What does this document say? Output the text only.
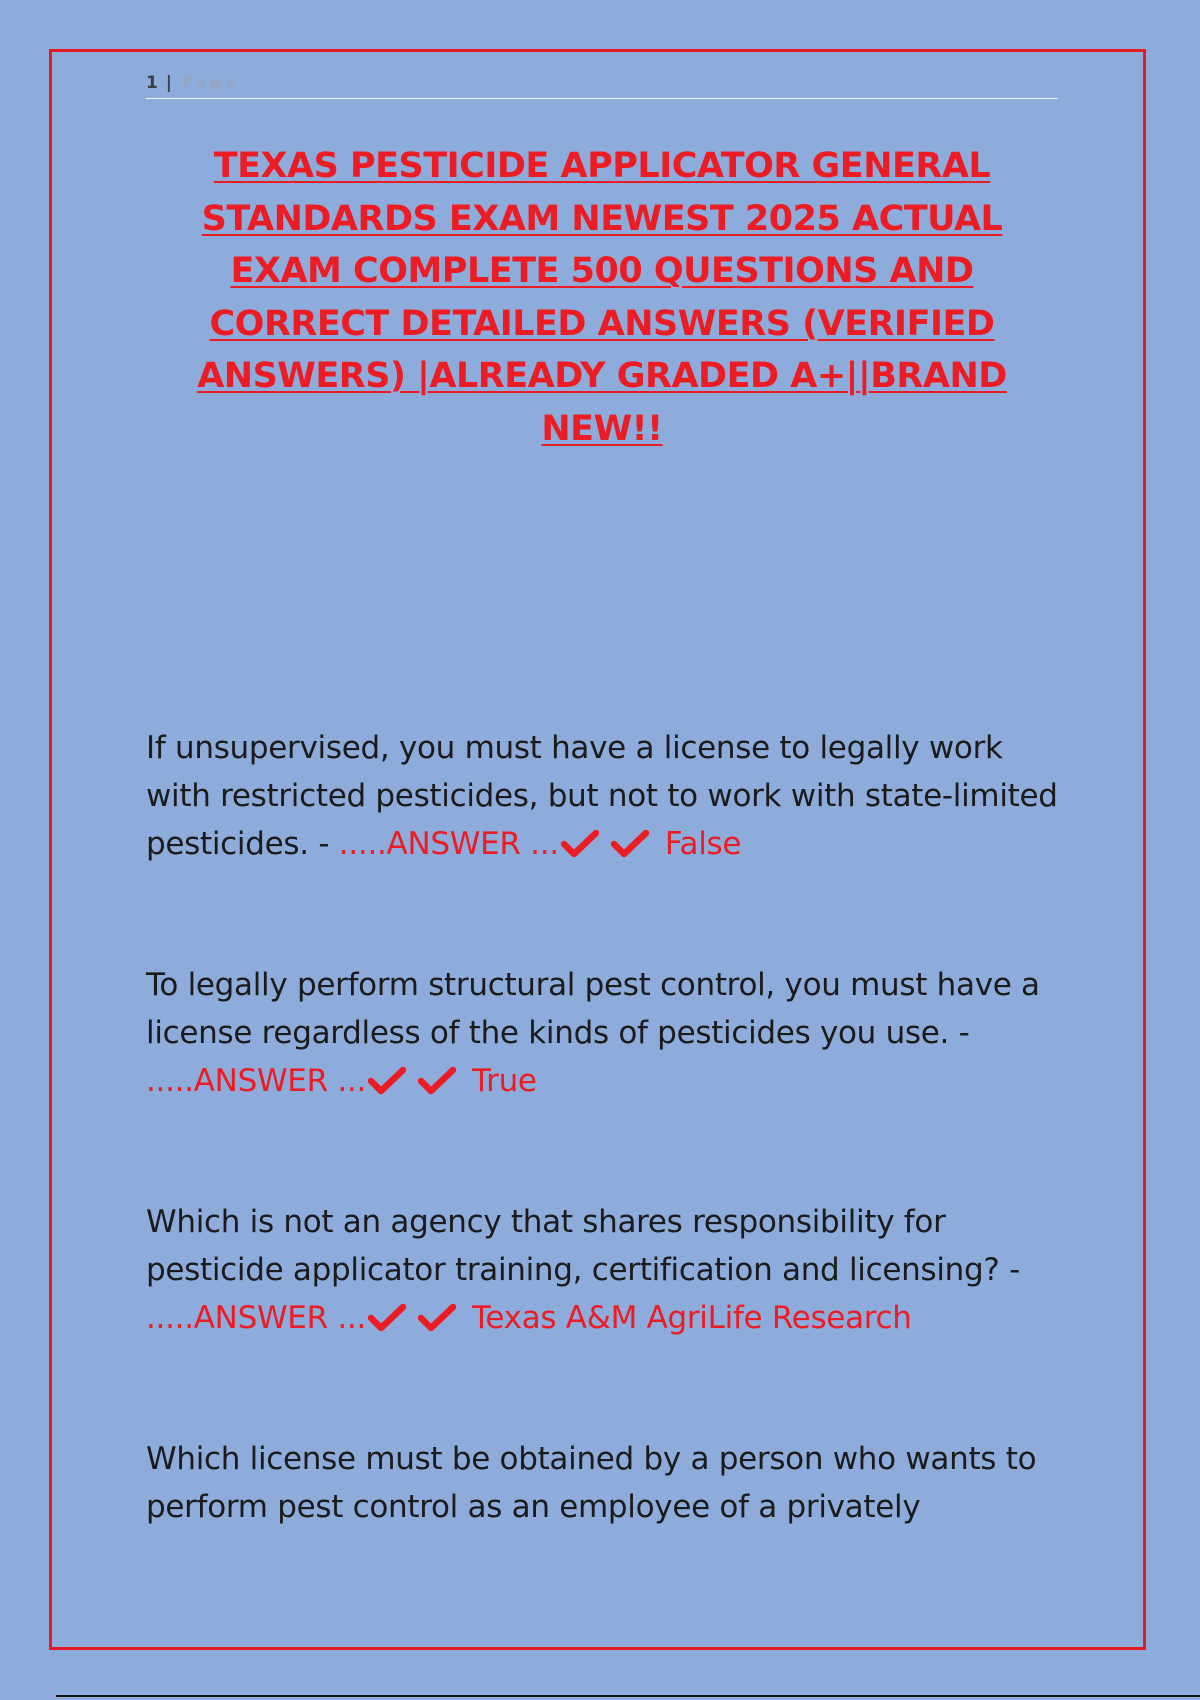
1 | Page
TEXAS PESTICIDE APPLICATOR GENERAL STANDARDS EXAM NEWEST 2025 ACTUAL EXAM COMPLETE 500 QUESTIONS AND CORRECT DETAILED ANSWERS (VERIFIED ANSWERS) |ALREADY GRADED A+||BRAND NEW!!
If unsupervised, you must have a license to legally work with restricted pesticides, but not to work with state-limited pesticides. - .....ANSWER ...	False
To legally perform structural pest control, you must have a license regardless of the kinds of pesticides you use. - .....ANSWER ...	True
Which is not an agency that shares responsibility for pesticide applicator training, certification and licensing? - .....ANSWER ...	Texas A&M AgriLife Research
Which license must be obtained by a person who wants to perform pest control as an employee of a privately
